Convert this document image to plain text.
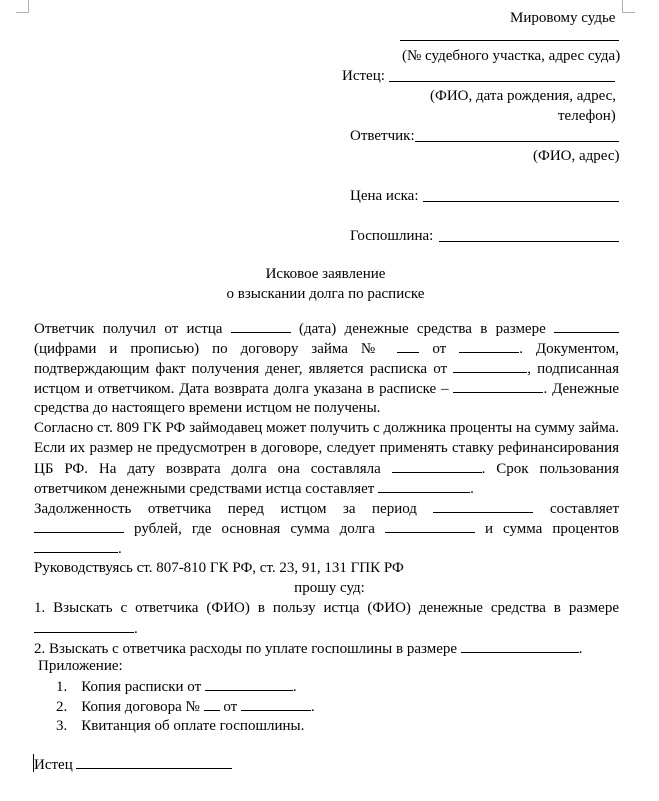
Мировому судье
(№ судебного участка, адрес суда)
Истец:
(ФИО, дата рождения, адрес,
телефон)
Ответчик:
(ФИО, адрес)
Цена иска:
Госпошлина:
Исковое заявление
о взыскании долга по расписке
Ответчик получил от истца	(дата) денежные средства в размере
(цифрами и прописью) по договору займа №	от	. Документом,
подтверждающим факт получения денег, является расписка от	, подписанная
истцом и ответчиком. Дата возврата долга указана в расписке –	. Денежные
средства до настоящего времени истцом не получены.
Согласно ст. 809 ГК РФ займодавец может получить с должника проценты на сумму займа.
Если их размер не предусмотрен в договоре, следует применять ставку рефинансирования
ЦБ РФ. На дату возврата долга она составляла	. Срок пользования
ответчиком денежными средствами истца составляет	.
Задолженность ответчика перед истцом за период	составляет
рублей, где основная сумма долга	и сумма процентов
.
Руководствуясь ст. 807-810 ГК РФ, ст. 23, 91, 131 ГПК РФ
прошу суд:
1. Взыскать с ответчика (ФИО) в пользу истца (ФИО) денежные средства в размере
.
2. Взыскать с ответчика расходы по уплате госпошлины в размере	.
Приложение:
1. Копия расписки от	.
2. Копия договора № от	.
3. Квитанция об оплате госпошлины.
Истец
